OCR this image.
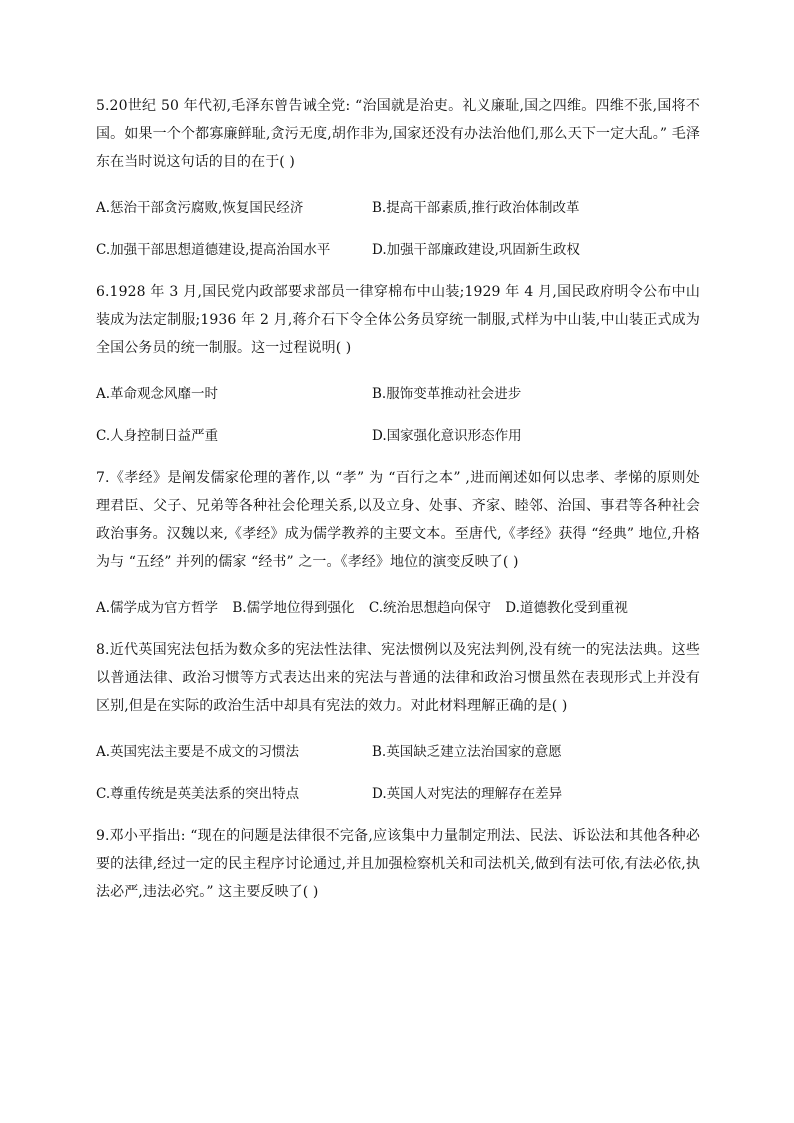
5.20世纪 50 年代初,毛泽东曾告诫全党: “治国就是治吏。礼义廉耻,国之四维。四维不张,国将不国。如果一个个都寡廉鲜耻,贪污无度,胡作非为,国家还没有办法治他们,那么天下一定大乱。” 毛泽东在当时说这句话的目的在于( )

A.惩治干部贪污腐败,恢复国民经济	B.提高干部素质,推行政治体制改革
C.加强干部思想道德建设,提高治国水平	D.加强干部廉政建设,巩固新生政权

6.1928 年 3 月,国民党内政部要求部员一律穿棉布中山装;1929 年 4 月,国民政府明令公布中山装成为法定制服;1936 年 2 月,蒋介石下令全体公务员穿统一制服,式样为中山装,中山装正式成为全国公务员的统一制服。这一过程说明( )

A.革命观念风靡一时	B.服饰变革推动社会进步
C.人身控制日益严重	D.国家强化意识形态作用

7.《孝经》是阐发儒家伦理的著作,以 “孝” 为 “百行之本” ,进而阐述如何以忠孝、孝悌的原则处理君臣、父子、兄弟等各种社会伦理关系,以及立身、处事、齐家、睦邻、治国、事君等各种社会政治事务。汉魏以来,《孝经》成为儒学教养的主要文本。至唐代,《孝经》获得 “经典” 地位,升格为与 “五经” 并列的儒家 “经书” 之一。《孝经》地位的演变反映了( )

A.儒学成为官方哲学 B.儒学地位得到强化 C.统治思想趋向保守 D.道德教化受到重视

8.近代英国宪法包括为数众多的宪法性法律、宪法惯例以及宪法判例,没有统一的宪法法典。这些以普通法律、政治习惯等方式表达出来的宪法与普通的法律和政治习惯虽然在表现形式上并没有区别,但是在实际的政治生活中却具有宪法的效力。对此材料理解正确的是( )

A.英国宪法主要是不成文的习惯法	B.英国缺乏建立法治国家的意愿
C.尊重传统是英美法系的突出特点	D.英国人对宪法的理解存在差异

9.邓小平指出: “现在的问题是法律很不完备,应该集中力量制定刑法、民法、诉讼法和其他各种必要的法律,经过一定的民主程序讨论通过,并且加强检察机关和司法机关,做到有法可依,有法必依,执法必严,违法必究。” 这主要反映了( )
